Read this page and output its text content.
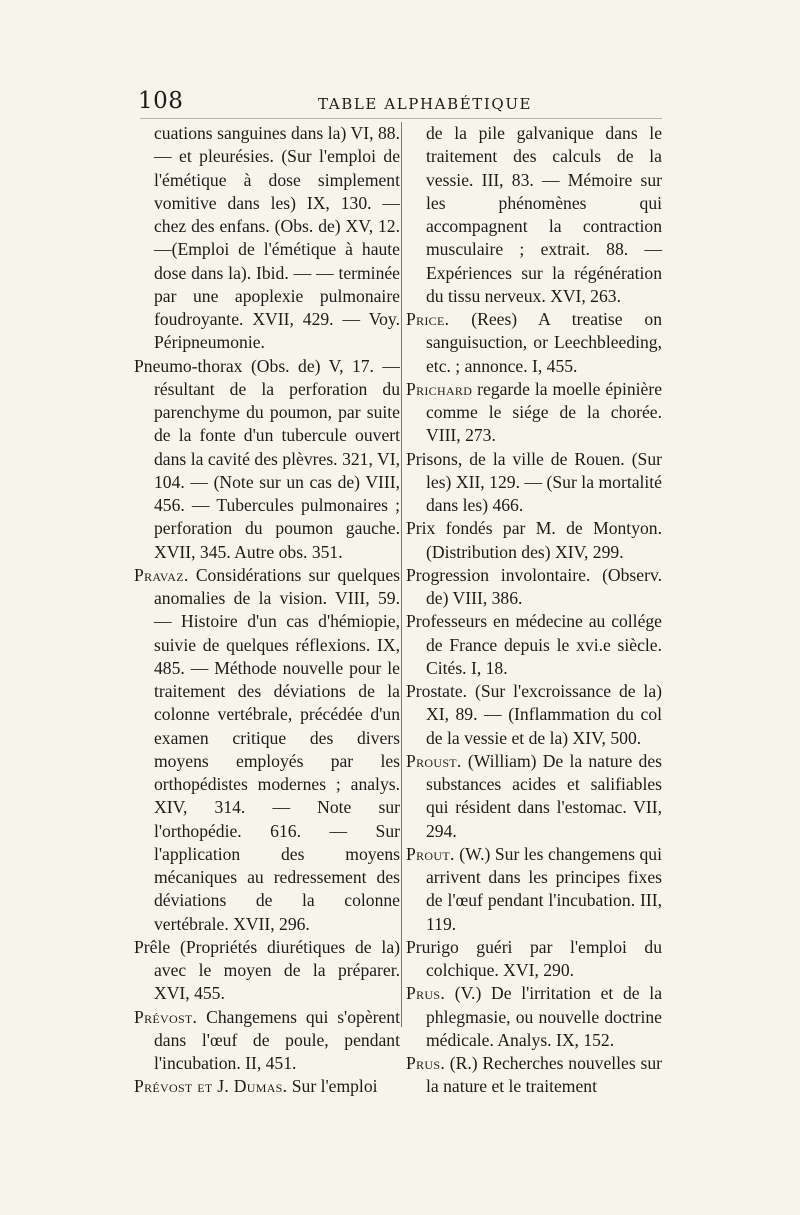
108	TABLE ALPHABÉTIQUE
cuations sanguines dans la) VI, 88.— et pleurésies. (Sur l'emploi de l'émétique à dose simplement vomitive dans les) IX, 130. — chez des enfans. (Obs. de) XV, 12.—(Emploi de l'émétique à haute dose dans la). Ibid. — — terminée par une apoplexie pulmonaire foudroyante. XVII, 429. — Voy. Péripneumonie.
Pneumo-thorax (Obs. de) V, 17. — résultant de la perforation du parenchyme du poumon, par suite de la fonte d'un tubercule ouvert dans la cavité des plèvres. 321, VI, 104. — (Note sur un cas de) VIII, 456. — Tubercules pulmonaires ; perforation du poumon gauche. XVII, 345. Autre obs. 351.
Pravaz. Considérations sur quelques anomalies de la vision. VIII, 59. — Histoire d'un cas d'hémiopie, suivie de quelques réflexions. IX, 485. — Méthode nouvelle pour le traitement des déviations de la colonne vertébrale, précédée d'un examen critique des divers moyens employés par les orthopédistes modernes ; analys. XIV, 314. — Note sur l'orthopédie. 616. — Sur l'application des moyens mécaniques au redressement des déviations de la colonne vertébrale. XVII, 296.
Prêle (Propriétés diurétiques de la) avec le moyen de la préparer. XVI, 455.
Prévost. Changemens qui s'opèrent dans l'œuf de poule, pendant l'incubation. II, 451.
Prévost et J. Dumas. Sur l'emploi
de la pile galvanique dans le traitement des calculs de la vessie. III, 83. — Mémoire sur les phénomènes qui accompagnent la contraction musculaire ; extrait. 88. — Expériences sur la régénération du tissu nerveux. XVI, 263.
Price. (Rees) A treatise on sanguisuction, or Leechbleeding, etc. ; annonce. I, 455.
Prichard regarde la moelle épinière comme le siége de la chorée. VIII, 273.
Prisons, de la ville de Rouen. (Sur les) XII, 129. — (Sur la mortalité dans les) 466.
Prix fondés par M. de Montyon. (Distribution des) XIV, 299.
Progression involontaire. (Observ. de) VIII, 386.
Professeurs en médecine au collége de France depuis le xvi.e siècle. Cités. I, 18.
Prostate. (Sur l'excroissance de la) XI, 89. — (Inflammation du col de la vessie et de la) XIV, 500.
Proust. (William) De la nature des substances acides et salifiables qui résident dans l'estomac. VII, 294.
Prout. (W.) Sur les changemens qui arrivent dans les principes fixes de l'œuf pendant l'incubation. III, 119.
Prurigo guéri par l'emploi du colchique. XVI, 290.
Prus. (V.) De l'irritation et de la phlegmasie, ou nouvelle doctrine médicale. Analys. IX, 152.
Prus. (R.) Recherches nouvelles sur la nature et le traitement
